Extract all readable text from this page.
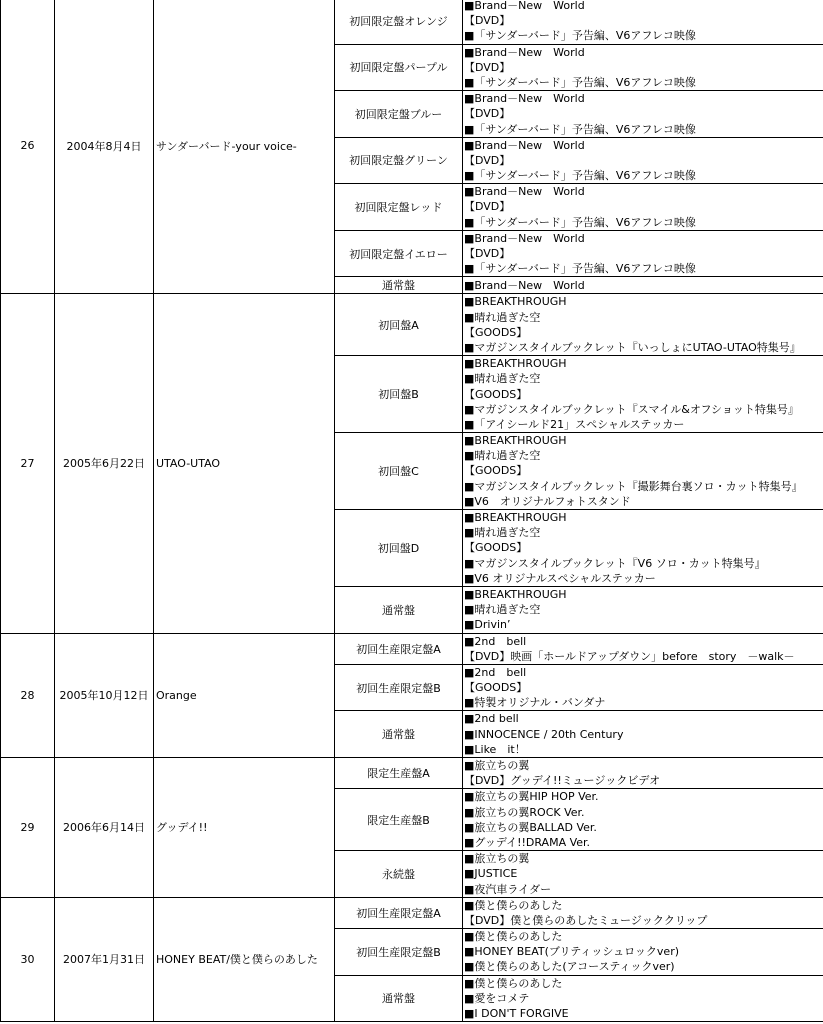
26	2004年8月4日	サンダーバード-your voice-	初回限定盤オレンジ	■Brand－New　World
【DVD】
■「サンダーバード」予告編、V6アフレコ映像

			初回限定盤パープル	■Brand－New　World
【DVD】
■「サンダーバード」予告編、V6アフレコ映像

			初回限定盤ブルー	■Brand－New　World
【DVD】
■「サンダーバード」予告編、V6アフレコ映像

			初回限定盤グリーン	■Brand－New　World
【DVD】
■「サンダーバード」予告編、V6アフレコ映像

			初回限定盤レッド	■Brand－New　World
【DVD】
■「サンダーバード」予告編、V6アフレコ映像

			初回限定盤イエロー	■Brand－New　World
【DVD】
■「サンダーバード」予告編、V6アフレコ映像

			通常盤	■Brand－New　World

27	2005年6月22日	UTAO-UTAO	初回盤A	■BREAKTHROUGH
■晴れ過ぎた空
【GOODS】
■マガジンスタイルブックレット『いっしょにUTAO-UTAO特集号』

			初回盤B	■BREAKTHROUGH
■晴れ過ぎた空
【GOODS】
■マガジンスタイルブックレット『スマイル&オフショット特集号』
■「アイシールド21」スペシャルステッカー

			初回盤C	■BREAKTHROUGH
■晴れ過ぎた空
【GOODS】
■マガジンスタイルブックレット『撮影舞台裏ソロ・カット特集号』
■V6　オリジナルフォトスタンド

			初回盤D	■BREAKTHROUGH
■晴れ過ぎた空
【GOODS】
■マガジンスタイルブックレット『V6 ソロ・カット特集号』
■V6 オリジナルスペシャルステッカー

			通常盤	■BREAKTHROUGH
■晴れ過ぎた空
■Drivin’

28	2005年10月12日	Orange	初回生産限定盤A	■2nd　bell
【DVD】映画「ホールドアップダウン」before　story　－walk－

			初回生産限定盤B	■2nd　bell
【GOODS】
■特製オリジナル・バンダナ

			通常盤	■2nd bell
■INNOCENCE / 20th Century
■Like　it！

29	2006年6月14日	グッデイ!!	限定生産盤A	■旅立ちの翼
【DVD】グッデイ!!ミュージックビデオ

			限定生産盤B	■旅立ちの翼HIP HOP Ver.
■旅立ちの翼ROCK Ver.
■旅立ちの翼BALLAD Ver.
■グッデイ!!DRAMA Ver.

			永続盤	■旅立ちの翼
■JUSTICE
■夜汽車ライダー

30	2007年1月31日	HONEY BEAT/僕と僕らのあした	初回生産限定盤A	■僕と僕らのあした
【DVD】僕と僕らのあしたミュージッククリップ

			初回生産限定盤B	■僕と僕らのあした
■HONEY BEAT(ブリティッシュロックver)
■僕と僕らのあした(アコースティックver)

			通常盤	■僕と僕らのあした
■愛をコメテ
■I DON'T FORGIVE
